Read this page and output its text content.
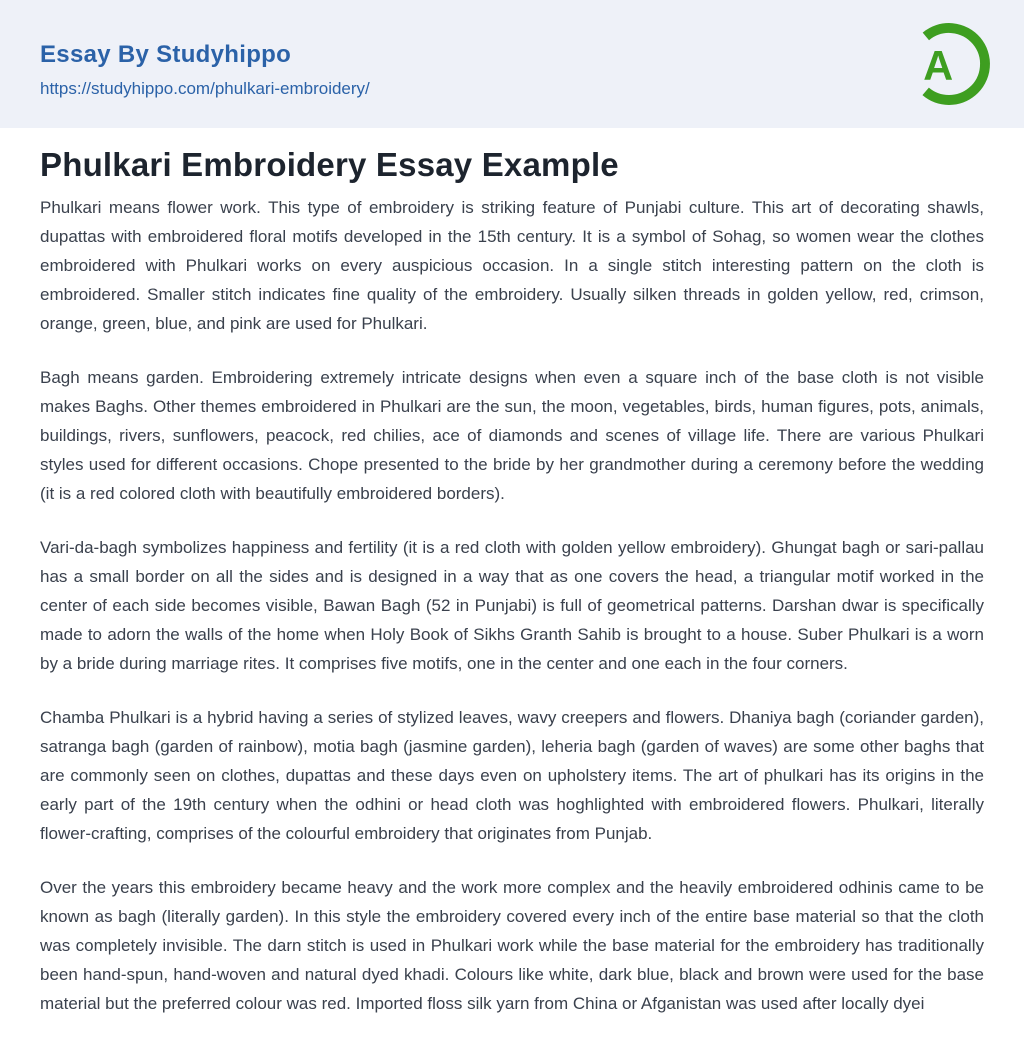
Essay By Studyhippo
https://studyhippo.com/phulkari-embroidery/	A
Phulkari Embroidery Essay Example

Phulkari means flower work. This type of embroidery is striking feature of Punjabi culture. This art of decorating shawls, dupattas with embroidered floral motifs developed in the 15th century. It is a symbol of Sohag, so women wear the clothes embroidered with Phulkari works on every auspicious occasion. In a single stitch interesting pattern on the cloth is embroidered. Smaller stitch indicates fine quality of the embroidery. Usually silken threads in golden yellow, red, crimson, orange, green, blue, and pink are used for Phulkari.

Bagh means garden. Embroidering extremely intricate designs when even a square inch of the base cloth is not visible makes Baghs. Other themes embroidered in Phulkari are the sun, the moon, vegetables, birds, human figures, pots, animals, buildings, rivers, sunflowers, peacock, red chilies, ace of diamonds and scenes of village life. There are various Phulkari styles used for different occasions. Chope presented to the bride by her grandmother during a ceremony before the wedding (it is a red colored cloth with beautifully embroidered borders).

Vari-da-bagh symbolizes happiness and fertility (it is a red cloth with golden yellow embroidery). Ghungat bagh or sari-pallau has a small border on all the sides and is designed in a way that as one covers the head, a triangular motif worked in the center of each side becomes visible, Bawan Bagh (52 in Punjabi) is full of geometrical patterns. Darshan dwar is specifically made to adorn the walls of the home when Holy Book of Sikhs Granth Sahib is brought to a house. Suber Phulkari is a worn by a bride during marriage rites. It comprises five motifs, one in the center and one each in the four corners.

Chamba Phulkari is a hybrid having a series of stylized leaves, wavy creepers and flowers. Dhaniya bagh (coriander garden), satranga bagh (garden of rainbow), motia bagh (jasmine garden), leheria bagh (garden of waves) are some other baghs that are commonly seen on clothes, dupattas and these days even on upholstery items. The art of phulkari has its origins in the early part of the 19th century when the odhini or head cloth was hoghlighted with embroidered flowers. Phulkari, literally flower-crafting, comprises of the colourful embroidery that originates from Punjab.

Over the years this embroidery became heavy and the work more complex and the heavily embroidered odhinis came to be known as bagh (literally garden). In this style the embroidery covered every inch of the entire base material so that the cloth was completely invisible. The darn stitch is used in Phulkari work while the base material for the embroidery has traditionally been hand-spun, hand-woven and natural dyed khadi. Colours like white, dark blue, black and brown were used for the base material but the preferred colour was red. Imported floss silk yarn from China or Afganistan was used after locally dyei
